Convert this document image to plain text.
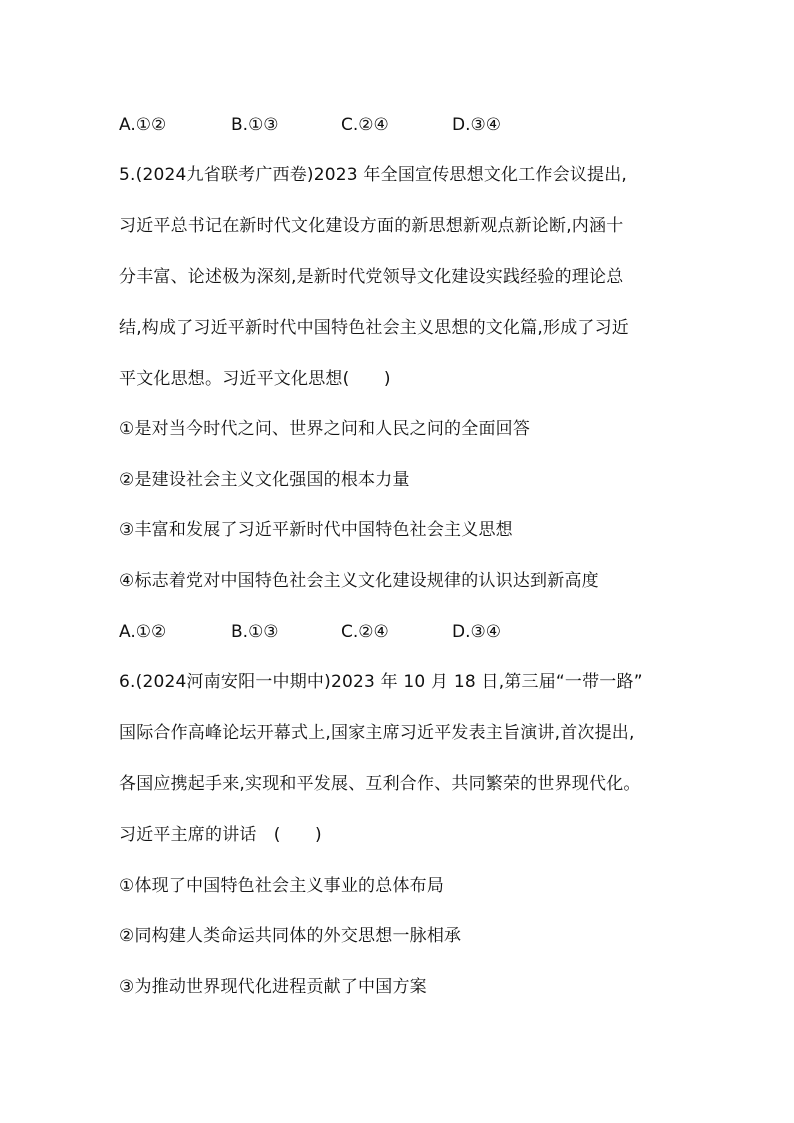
A.①②	B.①③	C.②④	D.③④
5.(2024九省联考广西卷)2023 年全国宣传思想文化工作会议提出,
习近平总书记在新时代文化建设方面的新思想新观点新论断,内涵十
分丰富、论述极为深刻,是新时代党领导文化建设实践经验的理论总
结,构成了习近平新时代中国特色社会主义思想的文化篇,形成了习近
平文化思想。习近平文化思想(　　)
①是对当今时代之问、世界之问和人民之问的全面回答
②是建设社会主义文化强国的根本力量
③丰富和发展了习近平新时代中国特色社会主义思想
④标志着党对中国特色社会主义文化建设规律的认识达到新高度
A.①②	B.①③	C.②④	D.③④
6.(2024河南安阳一中期中)2023 年 10 月 18 日,第三届“一带一路”
国际合作高峰论坛开幕式上,国家主席习近平发表主旨演讲,首次提出,
各国应携起手来,实现和平发展、互利合作、共同繁荣的世界现代化。
习近平主席的讲话　(　　)
①体现了中国特色社会主义事业的总体布局
②同构建人类命运共同体的外交思想一脉相承
③为推动世界现代化进程贡献了中国方案
